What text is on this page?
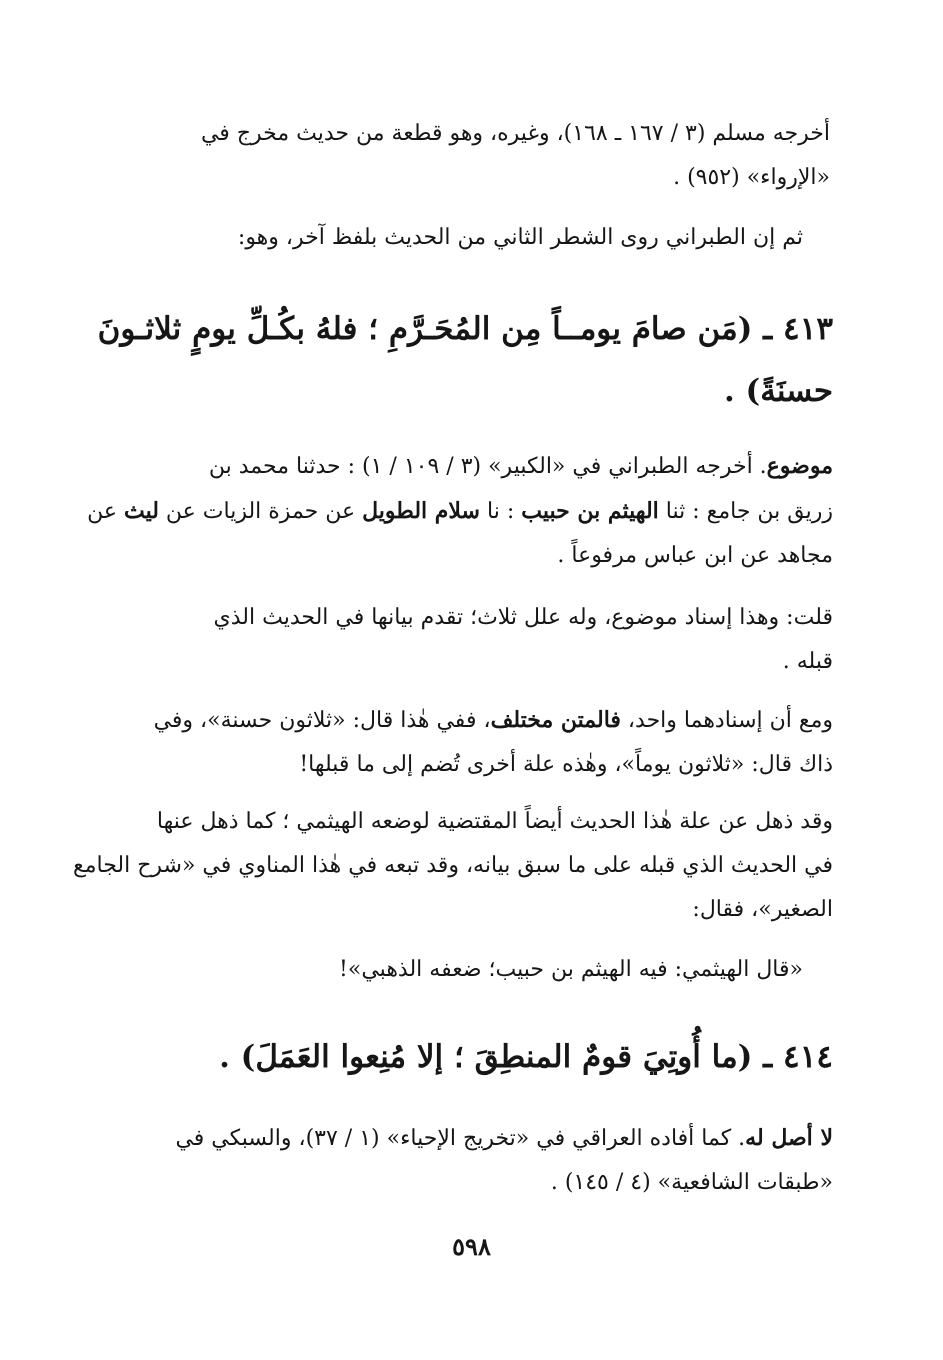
أخرجه مسلم (٣ / ١٦٧ ـ ١٦٨)، وغيره، وهو قطعة من حديث مخرج في
«الإرواء» (٩٥٢) .
ثم إن الطبراني روى الشطر الثاني من الحديث بلفظ آخر، وهو:
٤١٣ ـ (مَن صامَ يومــاً مِن المُحَـرَّمِ ؛ فلهُ بكُـلِّ يومٍ ثلاثـونَ
حسنَةً) .
موضوع. أخرجه الطبراني في «الكبير» (٣ / ١٠٩ / ١) : حدثنا محمد بن
زريق بن جامع : ثنا الهيثم بن حبيب : نا سلام الطويل عن حمزة الزيات عن ليث عن
مجاهد عن ابن عباس مرفوعاً .
قلت: وهذا إسناد موضوع، وله علل ثلاث؛ تقدم بيانها في الحديث الذي
قبله .
ومع أن إسنادهما واحد، فالمتن مختلف، ففي هٰذا قال: «ثلاثون حسنة»، وفي
ذاك قال: «ثلاثون يوماً»، وهٰذه علة أخرى تُضم إلى ما قبلها!
وقد ذهل عن علة هٰذا الحديث أيضاً المقتضية لوضعه الهيثمي ؛ كما ذهل عنها
في الحديث الذي قبله على ما سبق بيانه، وقد تبعه في هٰذا المناوي في «شرح الجامع
الصغير»، فقال:
«قال الهيثمي: فيه الهيثم بن حبيب؛ ضعفه الذهبي»!
٤١٤ ـ (ما أُوتِيَ قومٌ المنطِقَ ؛ إلا مُنِعوا العَمَلَ) .
لا أصل له. كما أفاده العراقي في «تخريج الإحياء» (١ / ٣٧)، والسبكي في
«طبقات الشافعية» (٤ / ١٤٥) .
٥٩٨
